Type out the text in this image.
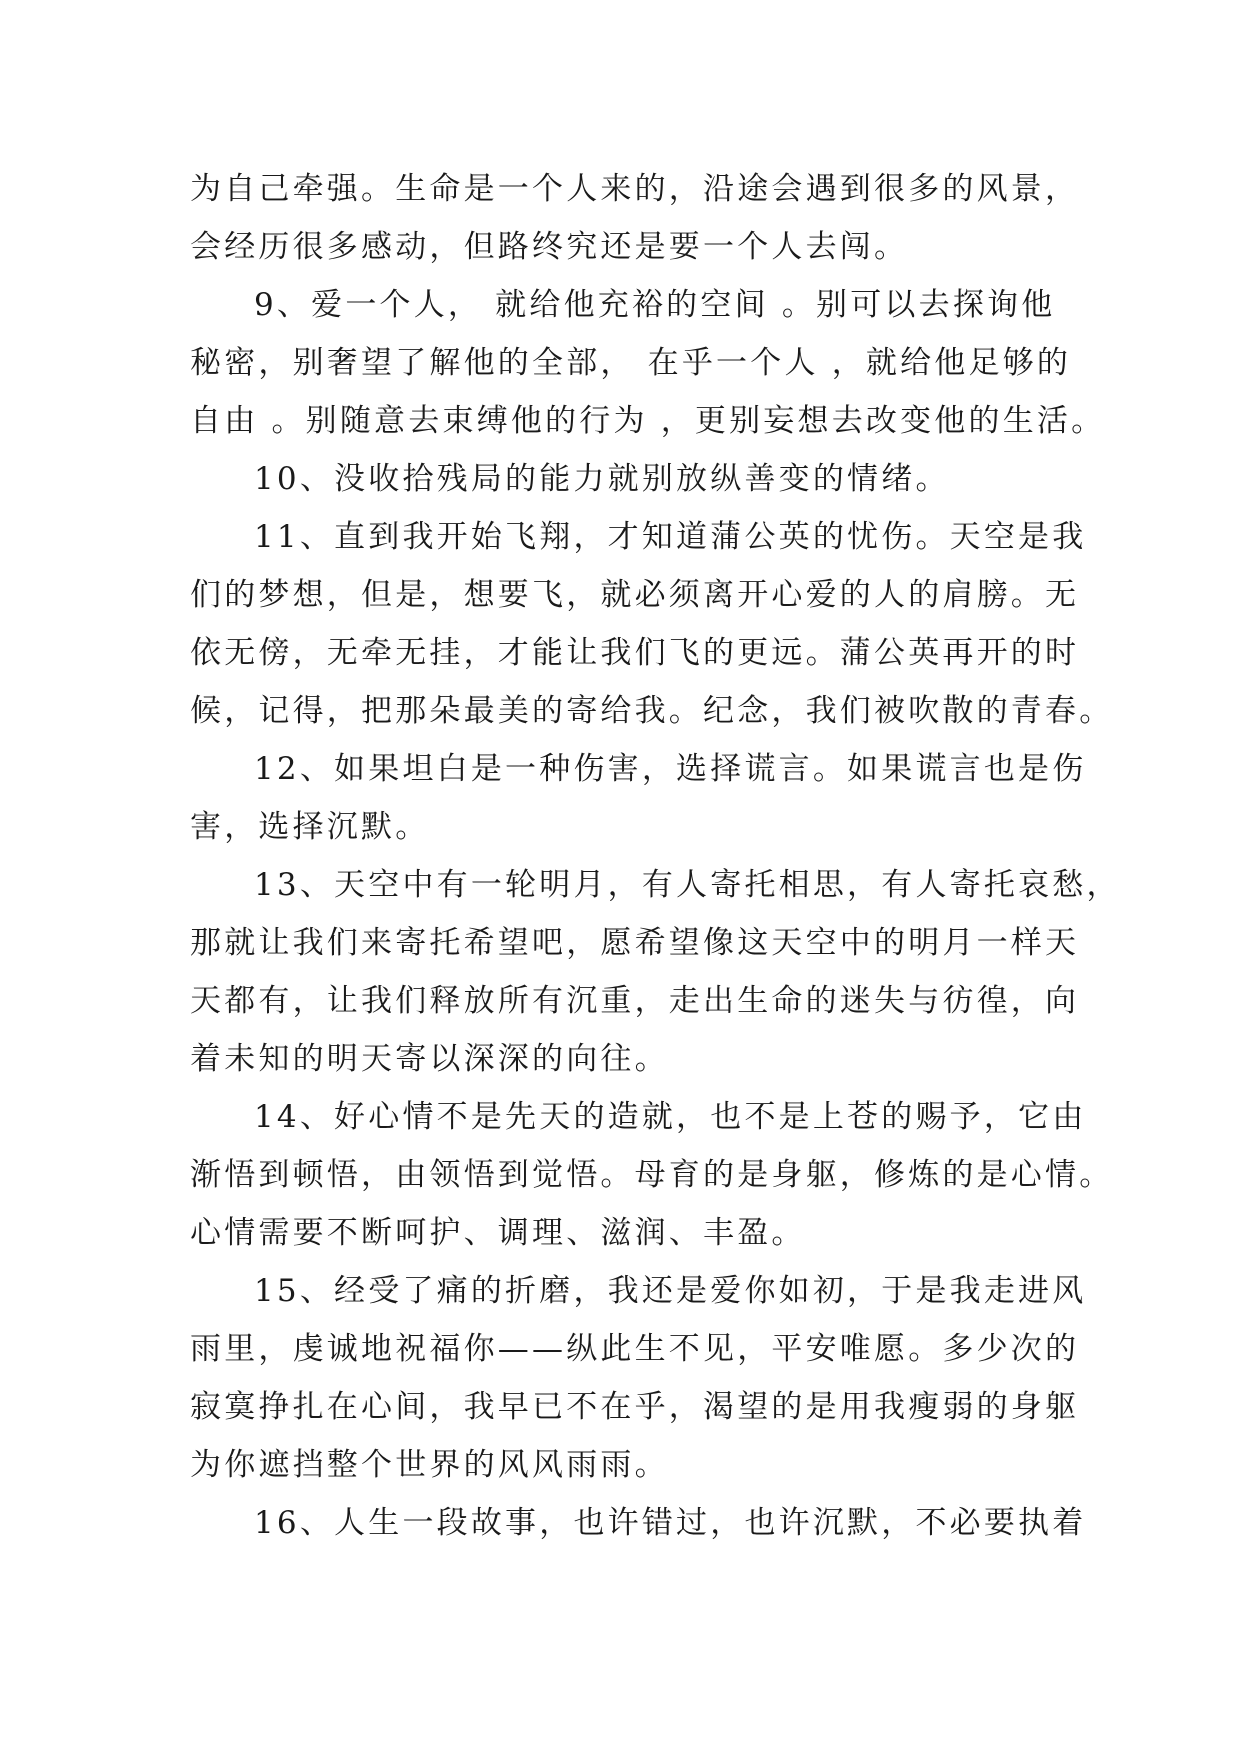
为自己牵强。生命是一个人来的，沿途会遇到很多的风景，
会经历很多感动，但路终究还是要一个人去闯。
9、爱一个人， 就给他充裕的空间 。别可以去探询他
秘密，别奢望了解他的全部， 在乎一个人 ，就给他足够的
自由 。别随意去束缚他的行为 ，更别妄想去改变他的生活。
10、没收拾残局的能力就别放纵善变的情绪。
11、直到我开始飞翔，才知道蒲公英的忧伤。天空是我
们的梦想，但是，想要飞，就必须离开心爱的人的肩膀。无
依无傍，无牵无挂，才能让我们飞的更远。蒲公英再开的时
候，记得，把那朵最美的寄给我。纪念，我们被吹散的青春。
12、如果坦白是一种伤害，选择谎言。如果谎言也是伤
害，选择沉默。
13、天空中有一轮明月，有人寄托相思，有人寄托哀愁，
那就让我们来寄托希望吧，愿希望像这天空中的明月一样天
天都有，让我们释放所有沉重，走出生命的迷失与彷徨，向
着未知的明天寄以深深的向往。
14、好心情不是先天的造就，也不是上苍的赐予，它由
渐悟到顿悟，由领悟到觉悟。母育的是身躯，修炼的是心情。
心情需要不断呵护、调理、滋润、丰盈。
15、经受了痛的折磨，我还是爱你如初，于是我走进风
雨里，虔诚地祝福你——纵此生不见，平安唯愿。多少次的
寂寞挣扎在心间，我早已不在乎，渴望的是用我瘦弱的身躯
为你遮挡整个世界的风风雨雨。
16、人生一段故事，也许错过，也许沉默，不必要执着
